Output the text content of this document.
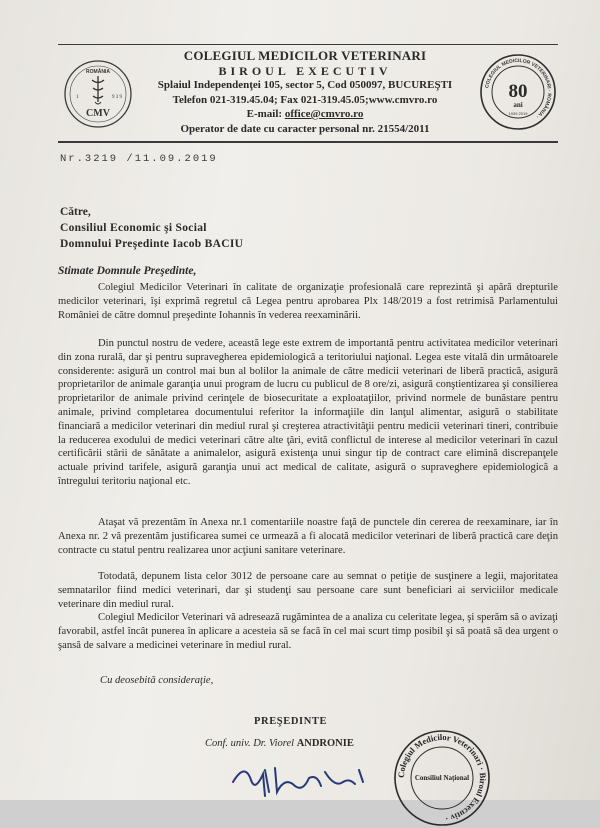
ROMÂNIA
1	9 3 9
CMV
COLEGIUL MEDICILOR VETERINARI
BIROUL EXECUTIV
Splaiul Independenţei 105, sector 5, Cod 050097, BUCUREŞTI
Telefon 021-319.45.04; Fax 021-319.45.05;www.cmvro.ro
E-mail: office@cmvro.ro
Operator de date cu caracter personal nr. 21554/2011
COLEGIUL MEDICILOR VETERINARI · ROMÂNIA ·
80
ani
1939 2019
Nr.3219 /11.09.2019
Către,
Consiliul Economic şi Social
Domnului Preşedinte Iacob BACIU
Stimate Domnule Preşedinte,

Colegiul Medicilor Veterinari în calitate de organizaţie profesională care reprezintă şi apără drepturile medicilor veterinari, îşi exprimă regretul că Legea pentru aprobarea Plx 148/2019 a fost retrimisă Parlamentului României de către domnul preşedinte Iohannis în vederea reexaminării.

Din punctul nostru de vedere, această lege este extrem de importantă pentru activitatea medicilor veterinari din zona rurală, dar şi pentru supravegherea epidemiologică a teritoriului naţional. Legea este vitală din următoarele considerente: asigură un control mai bun al bolilor la animale de către medicii veterinari de liberă practică, asigură proprietarilor de animale garanţia unui program de lucru cu publicul de 8 ore/zi, asigură conştientizarea şi consilierea proprietarilor de animale privind cerinţele de biosecuritate a exploataţiilor, privind normele de bunăstare pentru animale, privind completarea documentului referitor la informaţiile din lanţul alimentar, asigură o stabilitate financiară a medicilor veterinari din mediul rural şi creşterea atractivităţii pentru medicii veterinari tineri, contribuie la reducerea exodului de medici veterinari către alte ţări, evită conflictul de interese al medicilor veterinari în cazul certificării stării de sănătate a animalelor, asigură existenţa unui singur tip de contract care elimină discrepanţele actuale privind tarifele, asigură garanţia unui act medical de calitate, asigură o supraveghere epidemiologică a întregului teritoriu naţional etc.

Ataşat vă prezentăm în Anexa nr.1 comentariile noastre faţă de punctele din cererea de reexaminare, iar în Anexa nr. 2 vă prezentăm justificarea sumei ce urmează a fi alocată medicilor veterinari de liberă practică care deţin contracte cu statul pentru realizarea unor acţiuni sanitare veterinare.

Totodată, depunem lista celor 3012 de persoane care au semnat o petiţie de susţinere a legii, majoritatea semnatarilor fiind medici veterinari, dar şi studenţi sau persoane care sunt beneficiari ai serviciilor medicale veterinare din mediul rural.

Colegiul Medicilor Veterinari vă adresează rugămintea de a analiza cu celeritate legea, şi sperăm să o avizaţi favorabil, astfel încât punerea în aplicare a acesteia să se facă în cel mai scurt timp posibil şi să poată să dea urgent o şansă de salvare a medicinei veterinare în mediul rural.

Cu deosebită consideraţie,
PREŞEDINTE
Conf. univ. Dr. Viorel ANDRONIE
Colegiul Medicilor Veterinari · Biroul Executiv ·
Consiliul Naţional
